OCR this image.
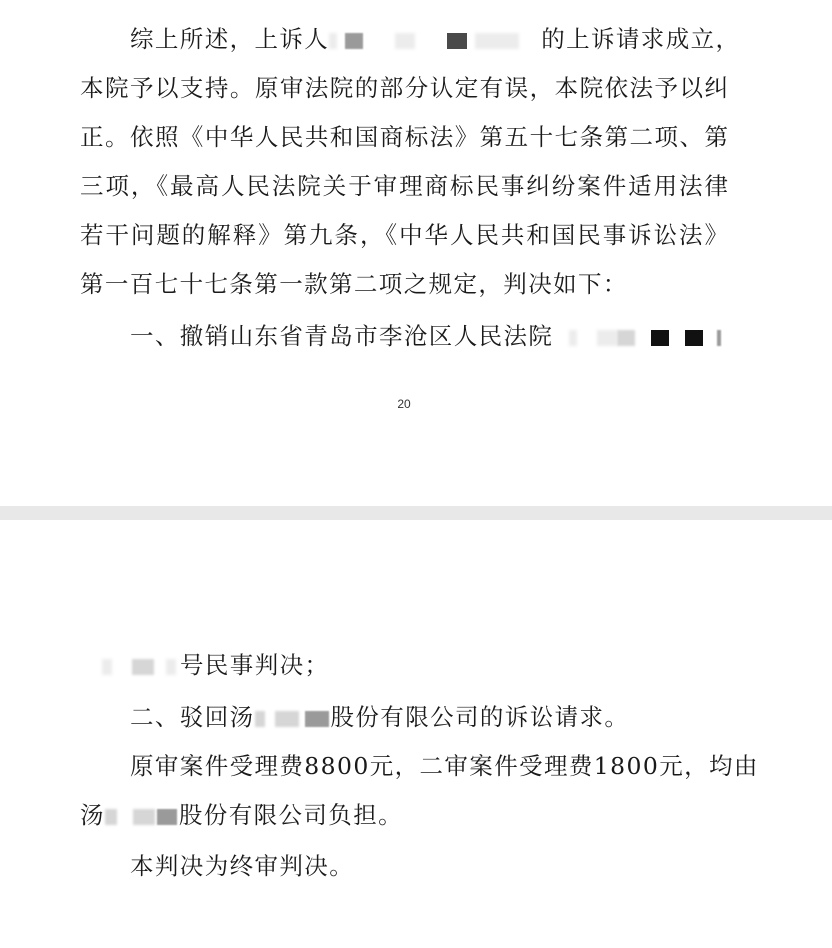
综上所述，上诉人	的上诉请求成立，
本院予以支持。原审法院的部分认定有误，本院依法予以纠
正。依照《中华人民共和国商标法》第五十七条第二项、第
三项，《最高人民法院关于审理商标民事纠纷案件适用法律
若干问题的解释》第九条，《中华人民共和国民事诉讼法》
第一百七十七条第一款第二项之规定，判决如下：
一、撤销山东省青岛市李沧区人民法院
20
号民事判决；
二、驳回汤	股份有限公司的诉讼请求。
原审案件受理费8800元，二审案件受理费1800元，均由
汤	股份有限公司负担。
本判决为终审判决。
